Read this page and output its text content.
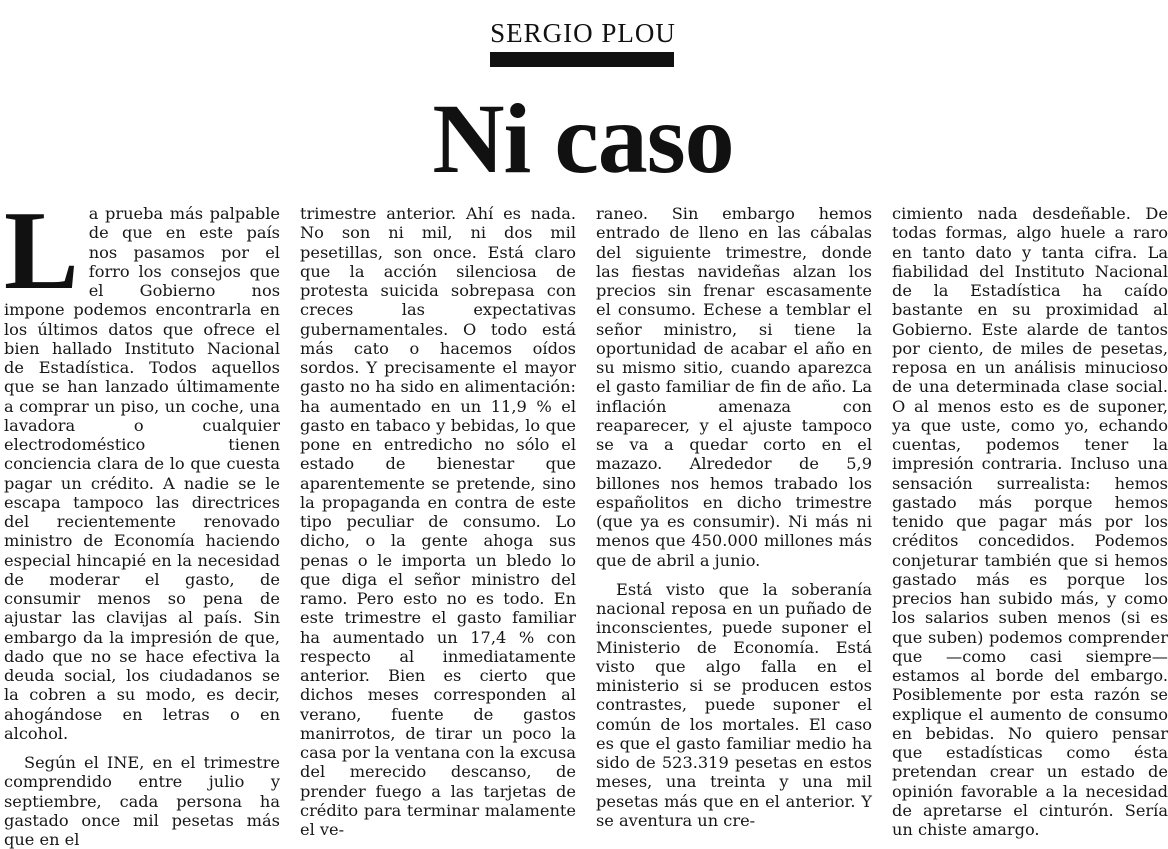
SERGIO PLOU
Ni caso

La prueba más palpable de que en este país nos pasamos por el forro los consejos que el Gobierno nos impone podemos encontrarla en los últimos datos que ofrece el bien hallado Instituto Nacional de Estadística. Todos aquellos que se han lanzado últimamente a comprar un piso, un coche, una lavadora o cualquier electrodoméstico tienen conciencia clara de lo que cuesta pagar un crédito. A nadie se le escapa tampoco las directrices del recientemente renovado ministro de Economía haciendo especial hincapié en la necesidad de moderar el gasto, de consumir menos so pena de ajustar las clavijas al país. Sin embargo da la impresión de que, dado que no se hace efectiva la deuda social, los ciudadanos se la cobren a su modo, es decir, ahogándose en letras o en alcohol.

Según el INE, en el trimestre comprendido entre julio y septiembre, cada persona ha gastado once mil pesetas más que en el

trimestre anterior. Ahí es nada. No son ni mil, ni dos mil pesetillas, son once. Está claro que la acción silenciosa de protesta suicida sobrepasa con creces las expectativas gubernamentales. O todo está más cato o hacemos oídos sordos. Y precisamente el mayor gasto no ha sido en alimentación: ha aumentado en un 11,9 % el gasto en tabaco y bebidas, lo que pone en entredicho no sólo el estado de bienestar que aparentemente se pretende, sino la propaganda en contra de este tipo peculiar de consumo. Lo dicho, o la gente ahoga sus penas o le importa un bledo lo que diga el señor ministro del ramo. Pero esto no es todo. En este trimestre el gasto familiar ha aumentado un 17,4 % con respecto al inmediatamente anterior. Bien es cierto que dichos meses corresponden al verano, fuente de gastos manirrotos, de tirar un poco la casa por la ventana con la excusa del merecido descanso, de prender fuego a las tarjetas de crédito para terminar malamente el ve-

raneo. Sin embargo hemos entrado de lleno en las cábalas del siguiente trimestre, donde las fiestas navideñas alzan los precios sin frenar escasamente el consumo. Echese a temblar el señor ministro, si tiene la oportunidad de acabar el año en su mismo sitio, cuando aparezca el gasto familiar de fin de año. La inflación amenaza con reaparecer, y el ajuste tampoco se va a quedar corto en el mazazo. Alrededor de 5,9 billones nos hemos trabado los españolitos en dicho trimestre (que ya es consumir). Ni más ni menos que 450.000 millones más que de abril a junio.

Está visto que la soberanía nacional reposa en un puñado de inconscientes, puede suponer el Ministerio de Economía. Está visto que algo falla en el ministerio si se producen estos contrastes, puede suponer el común de los mortales. El caso es que el gasto familiar medio ha sido de 523.319 pesetas en estos meses, una treinta y una mil pesetas más que en el anterior. Y se aventura un cre-

cimiento nada desdeñable. De todas formas, algo huele a raro en tanto dato y tanta cifra. La fiabilidad del Instituto Nacional de la Estadística ha caído bastante en su proximidad al Gobierno. Este alarde de tantos por ciento, de miles de pesetas, reposa en un análisis minucioso de una determinada clase social. O al menos esto es de suponer, ya que uste, como yo, echando cuentas, podemos tener la impresión contraria. Incluso una sensación surrealista: hemos gastado más porque hemos tenido que pagar más por los créditos concedidos. Podemos conjeturar también que si hemos gastado más es porque los precios han subido más, y como los salarios suben menos (si es que suben) podemos comprender que —como casi siempre— estamos al borde del embargo. Posiblemente por esta razón se explique el aumento de consumo en bebidas. No quiero pensar que estadísticas como ésta pretendan crear un estado de opinión favorable a la necesidad de apretarse el cinturón. Sería un chiste amargo.
